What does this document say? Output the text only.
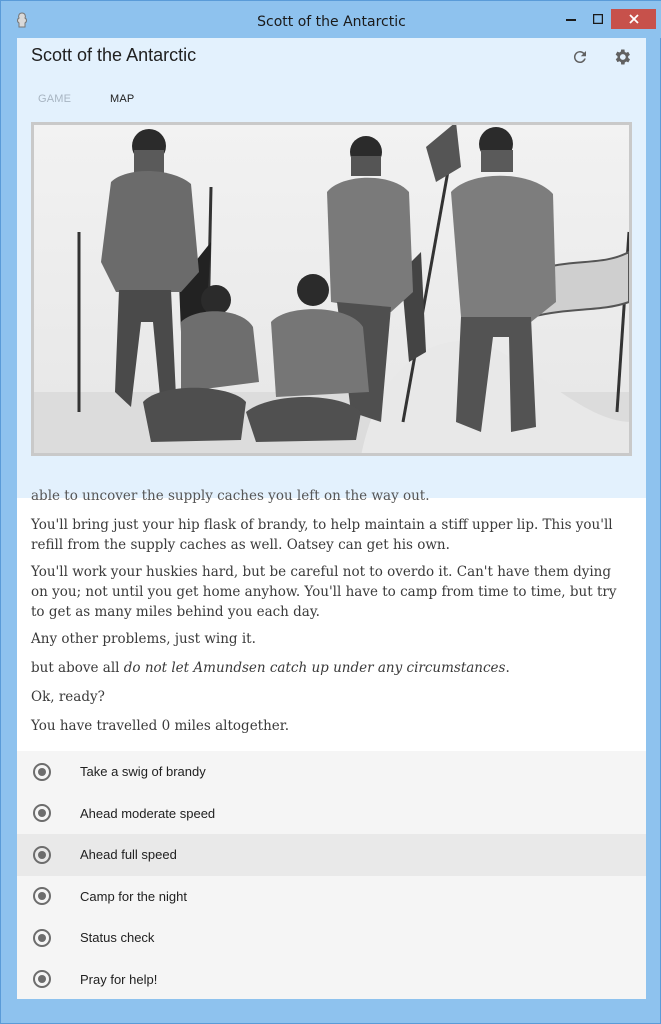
Scott of the Antarctic
Scott of the Antarctic
GAME	MAP
able to uncover the supply caches you left on the way out.

You'll bring just your hip flask of brandy, to help maintain a stiff upper lip. This you'll refill from the supply caches as well. Oatsey can get his own.

You'll work your huskies hard, but be careful not to overdo it. Can't have them dying on you; not until you get home anyhow. You'll have to camp from time to time, but try to get as many miles behind you each day.

Any other problems, just wing it.

but above all do not let Amundsen catch up under any circumstances.

Ok, ready?

You have travelled 0 miles altogether.

Take a swig of brandy
Ahead moderate speed
Ahead full speed
Camp for the night
Status check
Pray for help!
